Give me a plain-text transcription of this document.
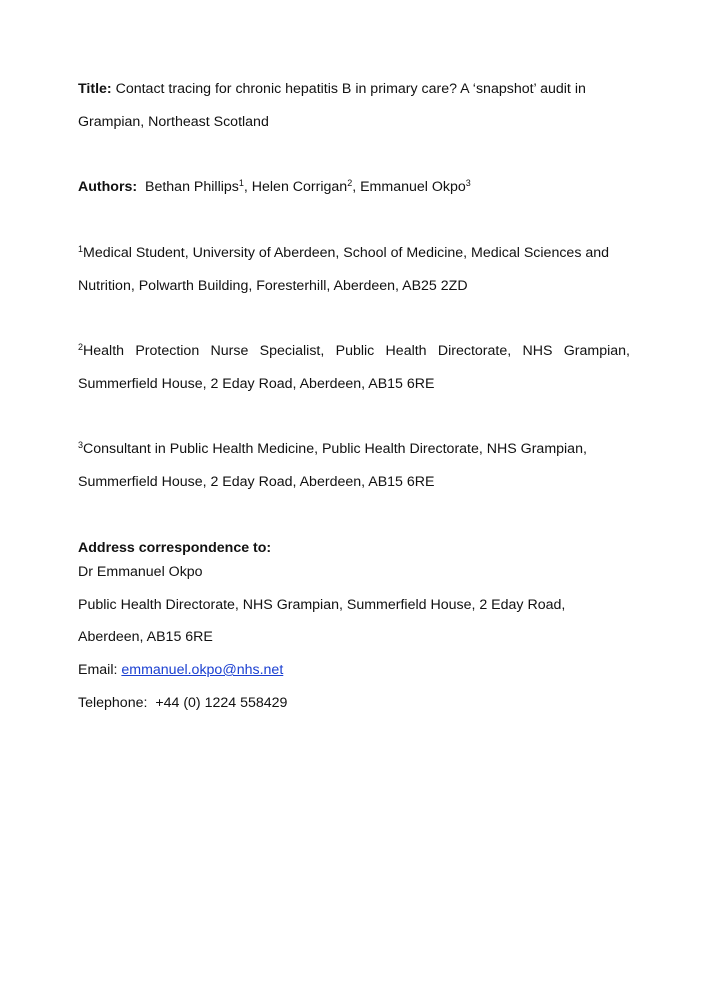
Title: Contact tracing for chronic hepatitis B in primary care? A ‘snapshot’ audit in
Grampian, Northeast Scotland
Authors: Bethan Phillips$^1$, Helen Corrigan$^2$, Emmanuel Okpo$^3$
$^1$Medical Student, University of Aberdeen, School of Medicine, Medical Sciences and
Nutrition, Polwarth Building, Foresterhill, Aberdeen, AB25 2ZD
$^2$Health Protection Nurse Specialist, Public Health Directorate, NHS Grampian,
Summerfield House, 2 Eday Road, Aberdeen, AB15 6RE
$^3$Consultant in Public Health Medicine, Public Health Directorate, NHS Grampian,
Summerfield House, 2 Eday Road, Aberdeen, AB15 6RE
Address correspondence to:
Dr Emmanuel Okpo
Public Health Directorate, NHS Grampian, Summerfield House, 2 Eday Road,
Aberdeen, AB15 6RE
Email: emmanuel.okpo@nhs.net
Telephone: +44 (0) 1224 558429
